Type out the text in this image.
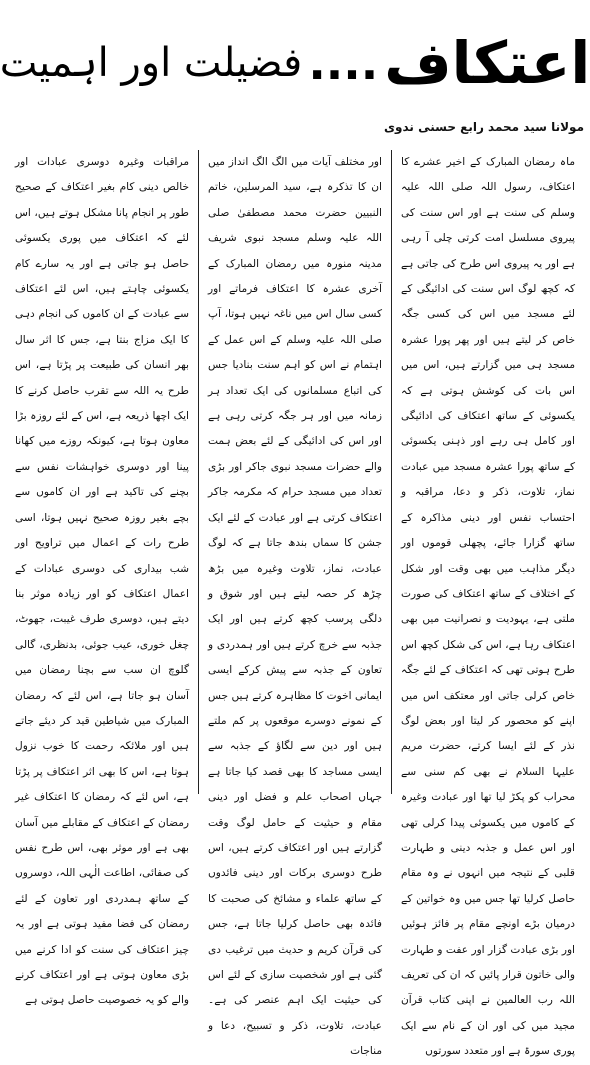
اعتکاف
....
فضیلت اور اہمیت
مولانا سید محمد رابع حسنی ندوی

ماہ رمضان المبارک کے اخیر عشرے کا اعتکاف، رسول اللہ صلی اللہ علیہ وسلم کی سنت ہے اور اس سنت کی پیروی مسلسل امت کرتی چلی آ رہی ہے اور یہ پیروی اس طرح کی جاتی ہے کہ کچھ لوگ اس سنت کی ادائیگی کے لئے مسجد میں اس کی کسی جگہ خاص کر لیتے ہیں اور پھر پورا عشرہ مسجد ہی میں گزارتے ہیں، اس میں اس بات کی کوشش ہوتی ہے کہ یکسوئی کے ساتھ اعتکاف کی ادائیگی اور کامل ہی رہے اور ذہنی یکسوئی کے ساتھ پورا عشرہ مسجد میں عبادت نماز، تلاوت، ذکر و دعا، مراقبہ و احتساب نفس اور دینی مذاکرہ کے ساتھ گزارا جائے، پچھلی قوموں اور دیگر مذاہب میں بھی وقت اور شکل کے اختلاف کے ساتھ اعتکاف کی صورت ملتی ہے، یہودیت و نصرانیت میں بھی اعتکاف رہا ہے، اس کی شکل کچھ اس طرح ہوتی تھی کہ اعتکاف کے لئے جگہ خاص کرلی جاتی اور معتکف اس میں اپنے کو محصور کر لیتا اور بعض لوگ نذر کے لئے ایسا کرتے، حضرت مریم علیہا السلام نے بھی کم سنی سے محراب کو پکڑ لیا تھا اور عبادت وغیرہ کے کاموں میں یکسوئی پیدا کرلی تھی اور اس عمل و جذبہ دینی و طہارت قلبی کے نتیجہ میں انہوں نے وہ مقام حاصل کرلیا تھا جس میں وہ خواتین کے درمیان بڑے اونچے مقام پر فائز ہوئیں اور بڑی عبادت گزار اور عفت و طہارت والی خاتون قرار پائیں کہ ان کی تعریف اللہ رب العالمین نے اپنی کتاب قرآن مجید میں کی اور ان کے نام سے ایک پوری سورۃ ہے اور متعدد سورتوں

اور مختلف آیات میں الگ الگ انداز میں ان کا تذکرہ ہے، سید المرسلین، خاتم النبیین حضرت محمد مصطفیٰ صلی اللہ علیہ وسلم مسجد نبوی شریف مدینہ منورہ میں رمضان المبارک کے آخری عشرہ کا اعتکاف فرماتے اور کسی سال اس میں ناغہ نہیں ہوتا، آپ صلی اللہ علیہ وسلم کے اس عمل کے اہتمام نے اس کو اہم سنت بنادیا جس کی اتباع مسلمانوں کی ایک تعداد ہر زمانہ میں اور ہر جگہ کرتی رہی ہے اور اس کی ادائیگی کے لئے بعض ہمت والے حضرات مسجد نبوی جاکر اور بڑی تعداد میں مسجد حرام کہ مکرمہ جاکر اعتکاف کرتی ہے اور عبادت کے لئے ایک جشن کا سماں بندھ جاتا ہے کہ لوگ عبادت، نماز، تلاوت وغیرہ میں بڑھ چڑھ کر حصہ لیتے ہیں اور شوق و دلگی پرسب کچھ کرتے ہیں اور ایک جذبہ سے خرچ کرتے ہیں اور ہمدردی و تعاون کے جذبہ سے پیش کرکے ایسی ایمانی اخوت کا مظاہرہ کرتے ہیں جس کے نمونے دوسرے موقعوں پر کم ملتے ہیں اور دین سے لگاؤ کے جذبہ سے ایسی مساجد کا بھی قصد کیا جاتا ہے جہاں اصحاب علم و فضل اور دینی مقام و حیثیت کے حامل لوگ وقت گزارتے ہیں اور اعتکاف کرتے ہیں، اس طرح دوسری برکات اور دینی فائدوں کے ساتھ علماء و مشائخ کی صحبت کا فائدہ بھی حاصل کرلیا جاتا ہے، جس کی قرآن کریم و حدیث میں ترغیب دی گئی ہے اور شخصیت سازی کے لئے اس کی حیثیت ایک اہم عنصر کی ہے۔ عبادت، تلاوت، ذکر و تسبیح، دعا و مناجات

مراقبات وغیرہ دوسری عبادات اور خالص دینی کام بغیر اعتکاف کے صحیح طور پر انجام پانا مشکل ہوتے ہیں، اس لئے کہ اعتکاف میں پوری یکسوئی حاصل ہو جاتی ہے اور یہ سارے کام یکسوئی چاہتے ہیں، اس لئے اعتکاف سے عبادت کے ان کاموں کی انجام دہی کا ایک مزاج بنتا ہے، جس کا اثر سال بھر انسان کی طبیعت پر پڑتا ہے، اس طرح یہ اللہ سے تقرب حاصل کرنے کا ایک اچھا ذریعہ ہے، اس کے لئے روزہ بڑا معاون ہوتا ہے، کیونکہ روزے میں کھانا پینا اور دوسری خواہشات نفس سے بچنے کی تاکید ہے اور ان کاموں سے بچے بغیر روزہ صحیح نہیں ہوتا، اسی طرح رات کے اعمال میں تراویح اور شب بیداری کی دوسری عبادات کے اعمال اعتکاف کو اور زیادہ موثر بنا دیتے ہیں، دوسری طرف غیبت، جھوٹ، چغل خوری، عیب جوئی، بدنظری، گالی گلوچ ان سب سے بچنا رمضان میں آسان ہو جاتا ہے، اس لئے کہ رمضان المبارک میں شیاطین قید کر دیئے جاتے ہیں اور ملائکہ رحمت کا خوب نزول ہوتا ہے، اس کا بھی اثر اعتکاف پر پڑتا ہے، اس لئے کہ رمضان کا اعتکاف غیر رمضان کے اعتکاف کے مقابلے میں آسان بھی ہے اور موثر بھی، اس طرح نفس کی صفائی، اطاعت الٰہی اللہ، دوسروں کے ساتھ ہمدردی اور تعاون کے لئے رمضان کی فضا مفید ہوتی ہے اور یہ چیز اعتکاف کی سنت کو ادا کرنے میں بڑی معاون ہوتی ہے اور اعتکاف کرنے والے کو یہ خصوصیت حاصل ہوتی ہے
